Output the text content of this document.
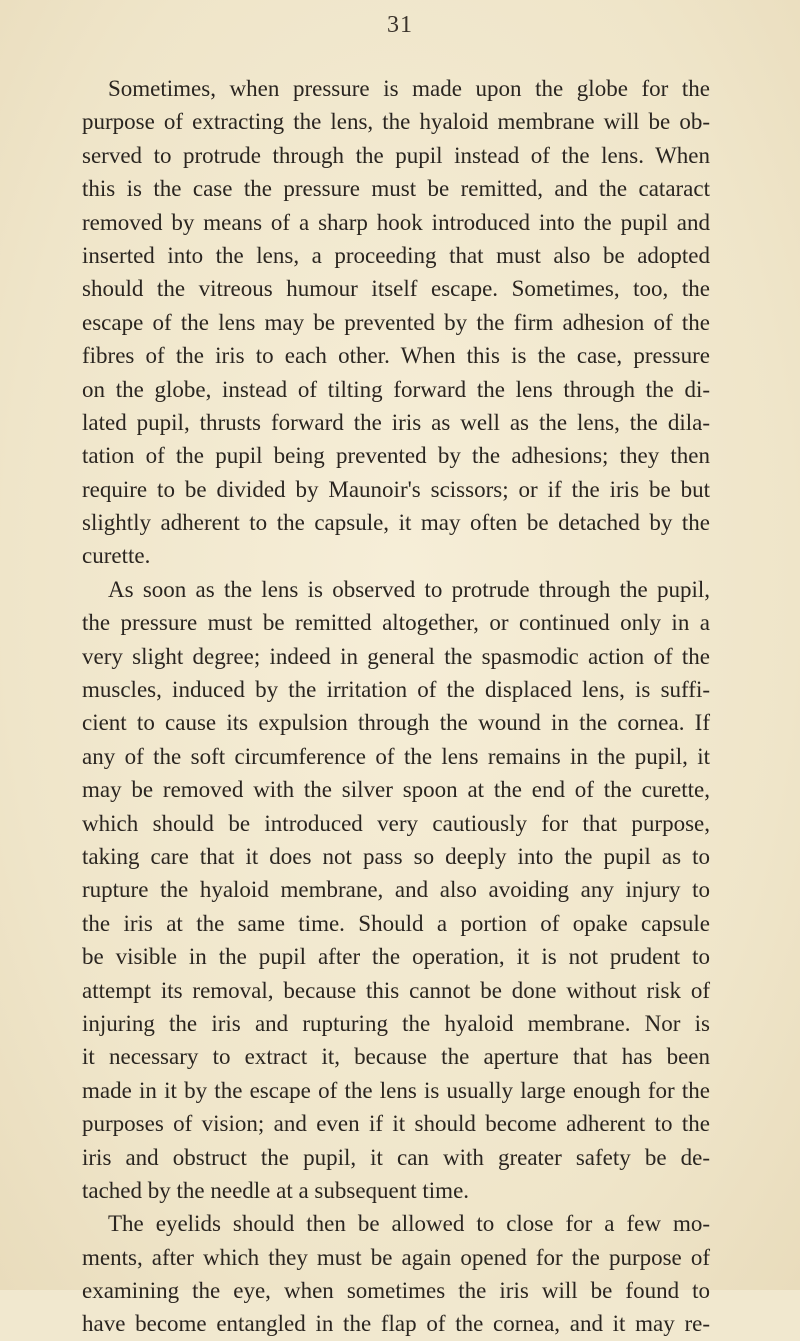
31
Sometimes, when pressure is made upon the globe for the
purpose of extracting the lens, the hyaloid membrane will be ob-
served to protrude through the pupil instead of the lens. When
this is the case the pressure must be remitted, and the cataract
removed by means of a sharp hook introduced into the pupil and
inserted into the lens, a proceeding that must also be adopted
should the vitreous humour itself escape. Sometimes, too, the
escape of the lens may be prevented by the firm adhesion of the
fibres of the iris to each other. When this is the case, pressure
on the globe, instead of tilting forward the lens through the di-
lated pupil, thrusts forward the iris as well as the lens, the dila-
tation of the pupil being prevented by the adhesions; they then
require to be divided by Maunoir's scissors; or if the iris be but
slightly adherent to the capsule, it may often be detached by the
curette.
As soon as the lens is observed to protrude through the pupil,
the pressure must be remitted altogether, or continued only in a
very slight degree; indeed in general the spasmodic action of the
muscles, induced by the irritation of the displaced lens, is suffi-
cient to cause its expulsion through the wound in the cornea. If
any of the soft circumference of the lens remains in the pupil, it
may be removed with the silver spoon at the end of the curette,
which should be introduced very cautiously for that purpose,
taking care that it does not pass so deeply into the pupil as to
rupture the hyaloid membrane, and also avoiding any injury to
the iris at the same time. Should a portion of opake capsule
be visible in the pupil after the operation, it is not prudent to
attempt its removal, because this cannot be done without risk of
injuring the iris and rupturing the hyaloid membrane. Nor is
it necessary to extract it, because the aperture that has been
made in it by the escape of the lens is usually large enough for the
purposes of vision; and even if it should become adherent to the
iris and obstruct the pupil, it can with greater safety be de-
tached by the needle at a subsequent time.
The eyelids should then be allowed to close for a few mo-
ments, after which they must be again opened for the purpose of
examining the eye, when sometimes the iris will be found to
have become entangled in the flap of the cornea, and it may re-
